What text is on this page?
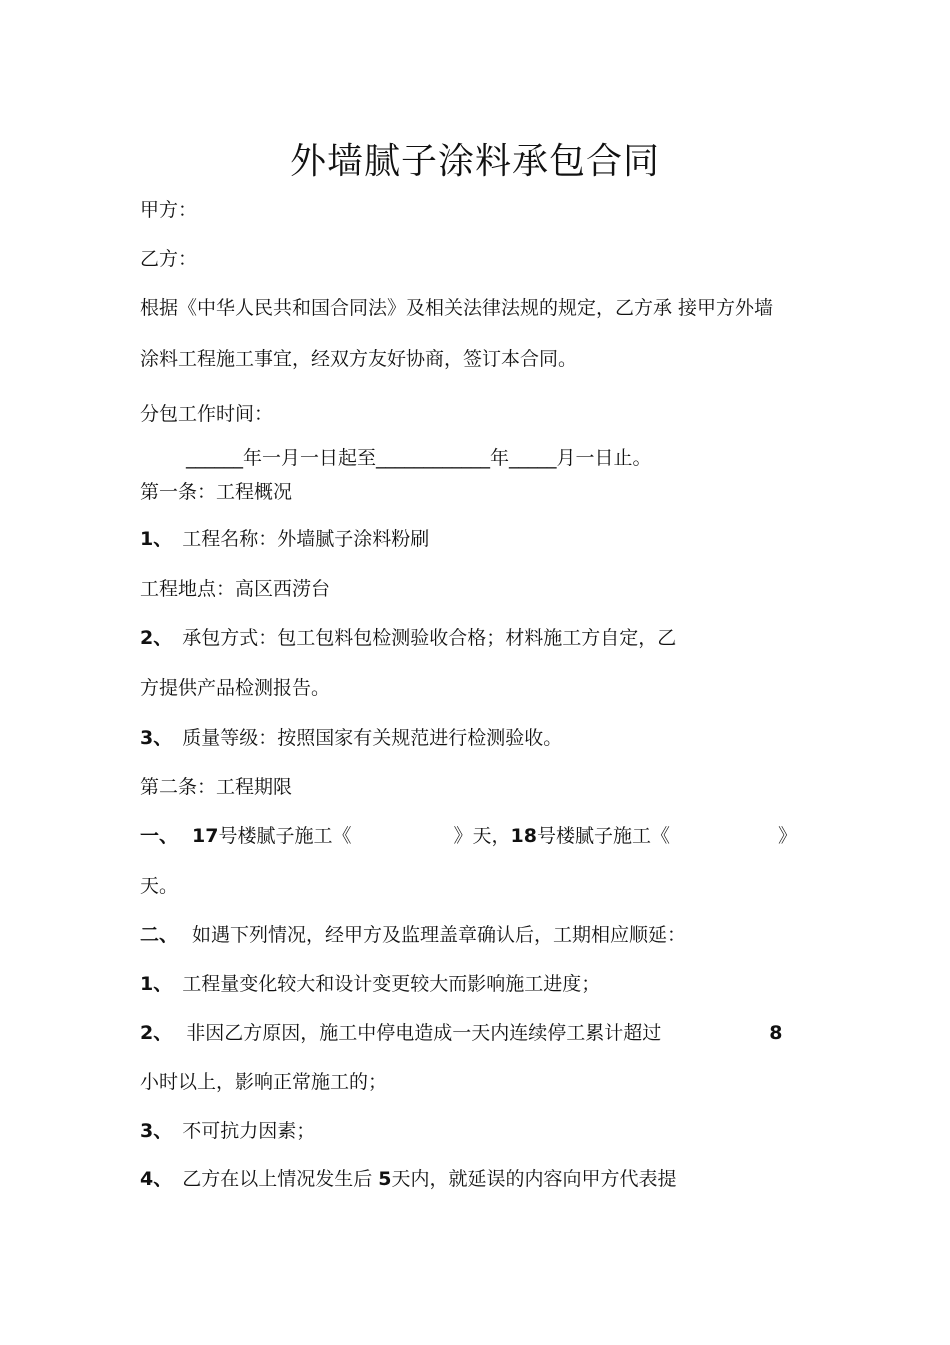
外墙腻子涂料承包合同
甲方：
乙方：
根据《中华人民共和国合同法》及相关法律法规的规定，乙方承 接甲方外墙
涂料工程施工事宜，经双方友好协商，签订本合同。
分包工作时间：
______年一月一日起至____________年_____月一日止。
第一条：工程概况
1、 工程名称：外墙腻子涂料粉刷
工程地点：高区西涝台
2、 承包方式：包工包料包检测验收合格；材料施工方自定，乙
方提供产品检测报告。
3、 质量等级：按照国家有关规范进行检测验收。
第二条：工程期限
一、 17号楼腻子施工《	》天，18号楼腻子施工《	》
天。
二、 如遇下列情况，经甲方及监理盖章确认后，工期相应顺延：
1、 工程量变化较大和设计变更较大而影响施工进度；
2、 非因乙方原因，施工中停电造成一天内连续停工累计超过	8
小时以上，影响正常施工的；
3、 不可抗力因素；
4、 乙方在以上情况发生后 5天内，就延误的内容向甲方代表提
